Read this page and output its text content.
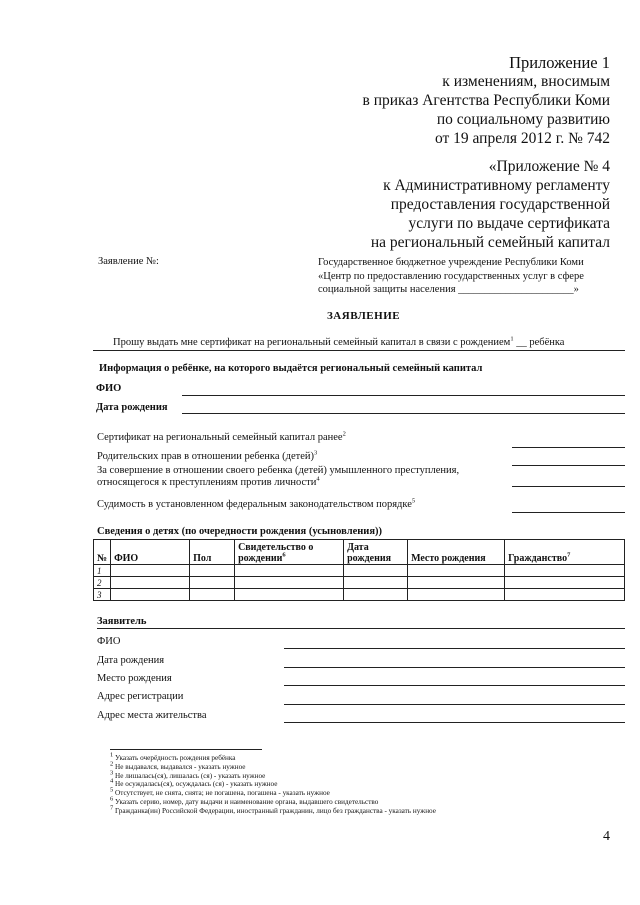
Приложение 1
к изменениям, вносимым
в приказ Агентства Республики Коми
по социальному развитию
от 19 апреля 2012 г. № 742
«Приложение № 4
к Административному регламенту
предоставления государственной
услуги по выдаче сертификата
на региональный семейный капитал
Заявление №:	Государственное бюджетное учреждение Республики Коми
«Центр по предоставлению государственных услуг в сфере
социальной защиты населения ______________________»
ЗАЯВЛЕНИЕ
Прошу выдать мне сертификат на региональный семейный капитал в связи с рождением$^1$ __ ребёнка
Информация о ребёнке, на которого выдаётся региональный семейный капитал
ФИО
Дата рождения
Сертификат на региональный семейный капитал ранее$^2$
Родительских прав в отношении ребенка (детей)$^3$
За совершение в отношении своего ребенка (детей) умышленного преступления,
относящегося к преступлениям против личности$^4$
Судимость в установленном федеральным законодательством порядке$^5$
Сведения о детях (по очередности рождения (усыновления))
№	ФИО	Пол	Свидетельство о рождении$^6$	Дата рождения	Место рождения	Гражданство$^7$
1						
2						
3						
Заявитель
ФИО
Дата рождения
Место рождения
Адрес регистрации
Адрес места жительства
$^1$ Указать очерёдность рождения ребёнка
$^2$ Не выдавался, выдавался - указать нужное
$^3$ Не лишалась(ся), лишалась (ся) - указать нужное
$^4$ Не осуждалась(ся), осуждалась (ся) - указать нужное
$^5$ Отсутствует, не снята, снята; не погашена, погашена - указать нужное
$^6$ Указать серию, номер, дату выдачи и наименование органа, выдавшего свидетельство
$^7$ Гражданка(ин) Российской Федерации, иностранный гражданин, лицо без гражданства - указать нужное
4
